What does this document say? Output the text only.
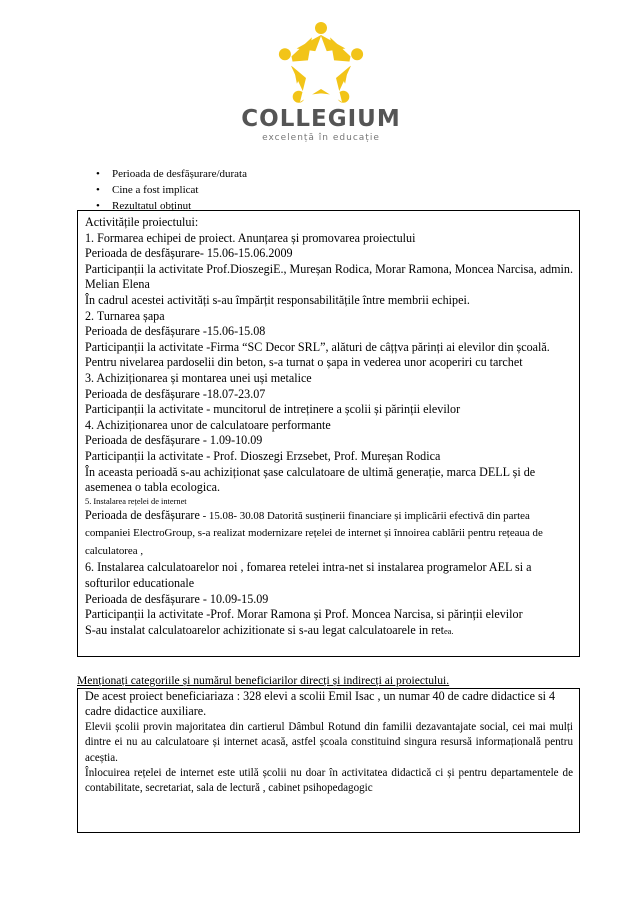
COLLEGIUM
excelență în educație
• Perioada de desfășurare/durata
• Cine a fost implicat
• Rezultatul obținut

Activitățile proiectului:

1. Formarea echipei de proiect. Anunțarea și promovarea proiectului

Perioada de desfășurare- 15.06-15.06.2009

Participanții la activitate Prof.DioszegiE., Mureșan Rodica, Morar Ramona, Moncea Narcisa, admin. Melian Elena

În cadrul acestei activități s-au împărțit responsabilitățile între membrii echipei.

2. Turnarea șapa

Perioada de desfășurare -15.06-15.08

Participanții la activitate -Firma “SC Decor SRL”, alături de câțțva părinți ai elevilor din școală.

Pentru nivelarea pardoselii din beton, s-a turnat o șapa in vederea unor acoperiri cu tarchet

3. Achiziționarea și montarea unei uși metalice

Perioada de desfășurare -18.07-23.07

Participanții la activitate - muncitorul de intreținere a școlii și părinții elevilor

4. Achiziționarea unor de calculatoare performante

Perioada de desfășurare - 1.09-10.09

Participanții la activitate - Prof. Dioszegi Erzsebet, Prof. Mureșan Rodica

În aceasta perioadă s-au achiziționat șase calculatoare de ultimă generație, marca DELL și de asemenea o tabla ecologica.

5. Instalarea rețelei de internet

Perioada de desfășurare - 15.08- 30.08 Datorită susținerii financiare și implicării efectivă din partea companiei ElectroGroup, s-a realizat modernizare rețelei de internet și înnoirea cablării pentru rețeaua de calculatorea ,

6. Instalarea calculatoarelor noi , fomarea retelei intra-net si instalarea programelor AEL si a softurilor educationale

Perioada de desfășurare - 10.09-15.09

Participanții la activitate -Prof. Morar Ramona și Prof. Moncea Narcisa, si părinții elevilor

S-au instalat calculatoarelor achizitionate si s-au legat calculatoarele in retea.

Menționați categoriile și numărul beneficiarilor direcți și indirecți ai proiectului.

De acest proiect beneficiariaza : 328 elevi a scolii Emil Isac , un numar 40 de cadre didactice si 4 cadre didactice auxiliare.

Elevii școlii provin majoritatea din cartierul Dâmbul Rotund din familii dezavantajate social, cei mai mulți dintre ei nu au calculatoare și internet acasă, astfel școala constituind singura resursă informațională pentru aceștia.

Înlocuirea rețelei de internet este utilă școlii nu doar în activitatea didactică ci și pentru departamentele de contabilitate, secretariat, sala de lectură , cabinet psihopedagogic
